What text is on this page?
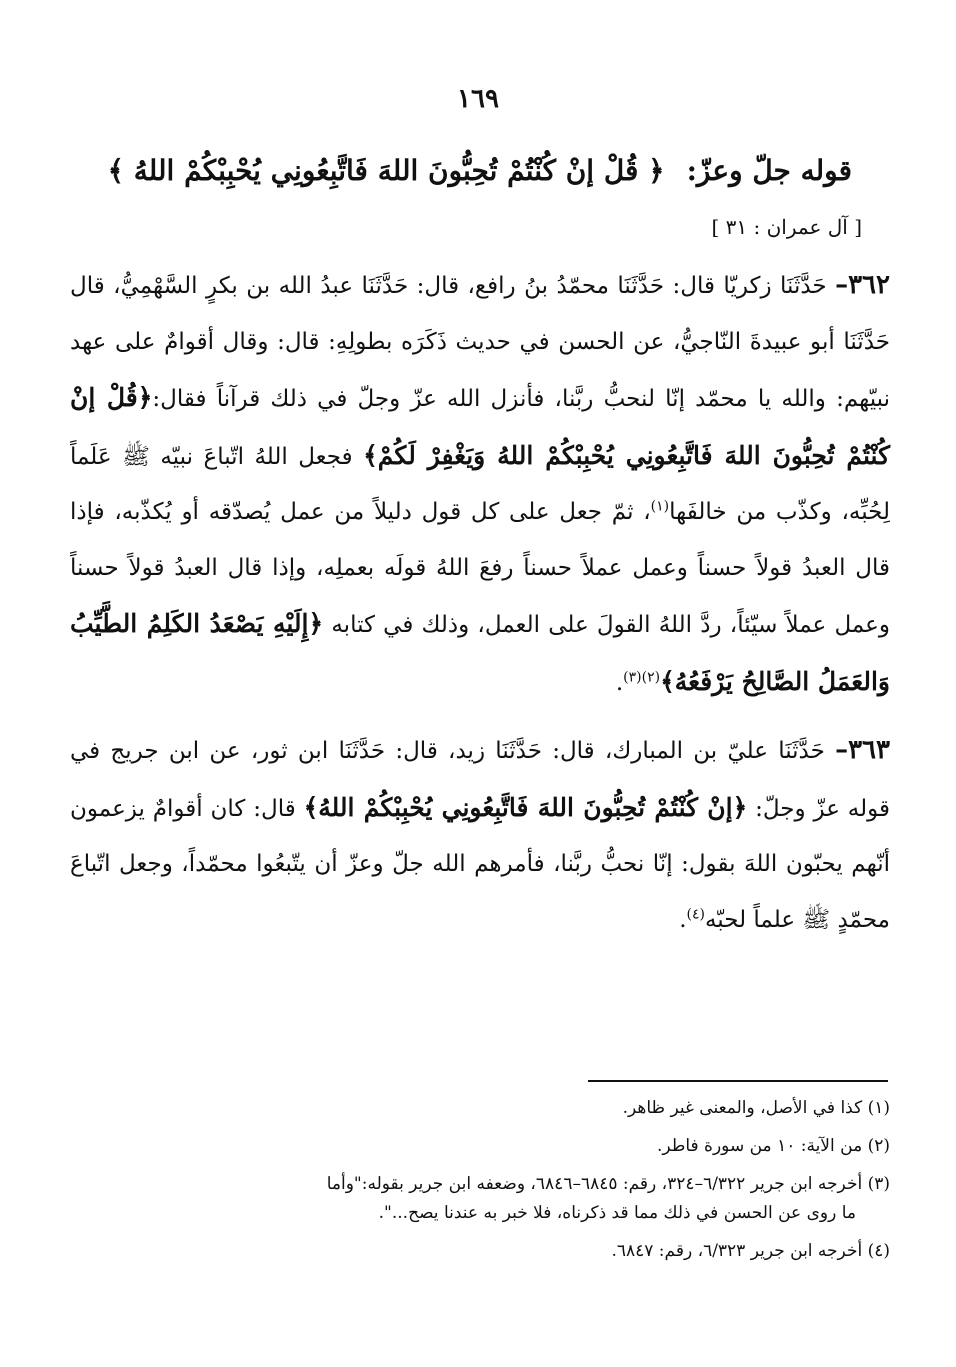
١٦٩
قوله جلّ وعزّ:﴿ قُلْ إنْ كُنْتُمْ تُحِبُّونَ اللهَ فَاتَّبِعُونِي يُحْبِبْكُمْ اللهُ ﴾
[ آل عمران : ٣١ ]

٣٦٢– حَدَّثَنَا زكريّا قال: حَدَّثَنَا محمّدُ بنُ رافع، قال: حَدَّثَنَا عبدُ الله بن بكرٍ السَّهْمِيُّ، قال حَدَّثَنَا أبو عبيدةَ النّاجيُّ، عن الحسن في حديث ذَكَرَه بطولِهِ: قال: وقال أقوامٌ على عهد نبيّهم: والله يا محمّد إنّا لنحبُّ ربَّنا، فأنزل الله عزّ وجلّ في ذلك قرآناً فقال:﴿قُلْ إنْ كُنْتُمْ تُحِبُّونَ اللهَ فَاتَّبِعُونِي يُحْبِبْكُمْ اللهُ وَيَغْفِرْ لَكُمْ﴾ فجعل اللهُ اتّباعَ نبيّه ﷺ عَلَماً لِحُبِّه، وكذّب من خالفَها$^{(١)}$، ثمّ جعل على كل قول دليلاً من عمل يُصدّقه أو يُكذّبه، فإذا قال العبدُ قولاً حسناً وعمل عملاً حسناً رفعَ اللهُ قولَه بعملِه، وإذا قال العبدُ قولاً حسناً وعمل عملاً سيّئاً، ردَّ اللهُ القولَ على العمل، وذلك في كتابه ﴿إِلَيْهِ يَصْعَدُ الكَلِمُ الطَّيِّبُ وَالعَمَلُ الصَّالِحُ يَرْفَعُهُ﴾$^{(٢)(٣)}$.

٣٦٣– حَدَّثَنَا عليّ بن المبارك، قال: حَدَّثَنَا زيد، قال: حَدَّثَنَا ابن ثور، عن ابن جريج في قوله عزّ وجلّ: ﴿إنْ كُنْتُمْ تُحِبُّونَ اللهَ فَاتَّبِعُونِي يُحْبِبْكُمْ اللهُ﴾ قال: كان أقوامٌ يزعمون أنّهم يحبّون اللهَ بقول: إنّا نحبُّ ربَّنا، فأمرهم الله جلّ وعزّ أن يتّبعُوا محمّداً، وجعل اتّباعَ محمّدٍ ﷺ علماً لحبّه$^{(٤)}$.

(١) كذا في الأصل، والمعنى غير ظاهر.

(٢) من الآية: ١٠ من سورة فاطر.

(٣) أخرجه ابن جرير ٦/٣٢٢–٣٢٤، رقم: ٦٨٤٥–٦٨٤٦، وضعفه ابن جرير بقوله:"وأما
ما روى عن الحسن في ذلك مما قد ذكرناه، فلا خبر به عندنا يصح...".

(٤) أخرجه ابن جرير ٦/٣٢٣، رقم: ٦٨٤٧.
